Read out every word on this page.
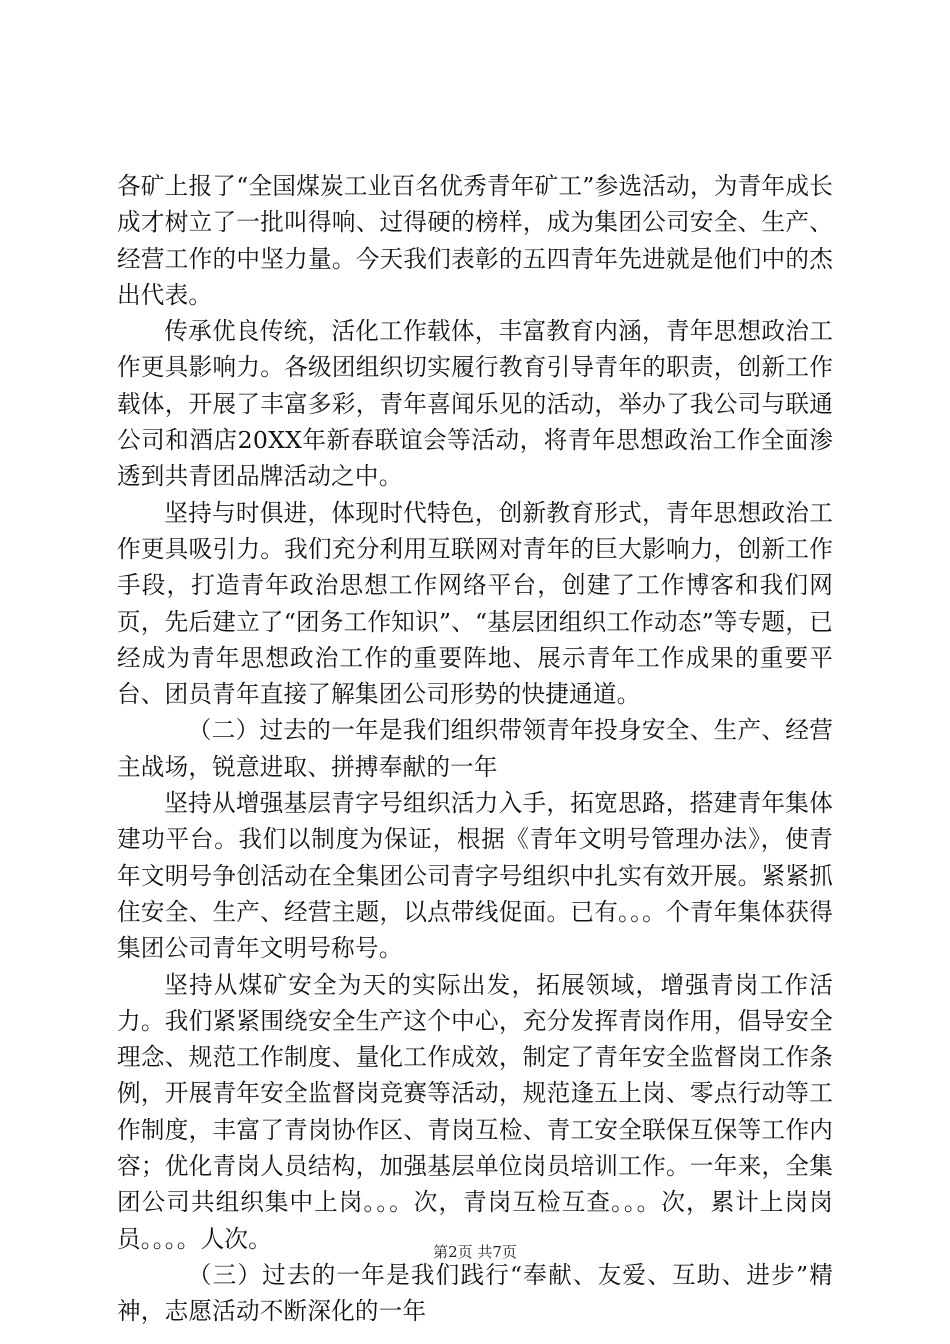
各矿上报了“全国煤炭工业百名优秀青年矿工”参选活动，为青年成长成才树立了一批叫得响、过得硬的榜样，成为集团公司安全、生产、经营工作的中坚力量。今天我们表彰的五四青年先进就是他们中的杰出代表。

传承优良传统，活化工作载体，丰富教育内涵，青年思想政治工作更具影响力。各级团组织切实履行教育引导青年的职责，创新工作载体，开展了丰富多彩，青年喜闻乐见的活动，举办了我公司与联通公司和酒店20XX年新春联谊会等活动，将青年思想政治工作全面渗透到共青团品牌活动之中。

坚持与时俱进，体现时代特色，创新教育形式，青年思想政治工作更具吸引力。我们充分利用互联网对青年的巨大影响力，创新工作手段，打造青年政治思想工作网络平台，创建了工作博客和我们网页，先后建立了“团务工作知识”、“基层团组织工作动态”等专题，已经成为青年思想政治工作的重要阵地、展示青年工作成果的重要平台、团员青年直接了解集团公司形势的快捷通道。

（二）过去的一年是我们组织带领青年投身安全、生产、经营主战场，锐意进取、拼搏奉献的一年

坚持从增强基层青字号组织活力入手，拓宽思路，搭建青年集体建功平台。我们以制度为保证，根据《青年文明号管理办法》，使青年文明号争创活动在全集团公司青字号组织中扎实有效开展。紧紧抓住安全、生产、经营主题，以点带线促面。已有。。。个青年集体获得集团公司青年文明号称号。

坚持从煤矿安全为天的实际出发，拓展领域，增强青岗工作活力。我们紧紧围绕安全生产这个中心，充分发挥青岗作用，倡导安全理念、规范工作制度、量化工作成效，制定了青年安全监督岗工作条例，开展青年安全监督岗竞赛等活动，规范逢五上岗、零点行动等工作制度，丰富了青岗协作区、青岗互检、青工安全联保互保等工作内容；优化青岗人员结构，加强基层单位岗员培训工作。一年来，全集团公司共组织集中上岗。。。次，青岗互检互查。。。次，累计上岗岗员。。。。人次。

（三）过去的一年是我们践行“奉献、友爱、互助、进步”精神，志愿活动不断深化的一年

第2页 共7页
